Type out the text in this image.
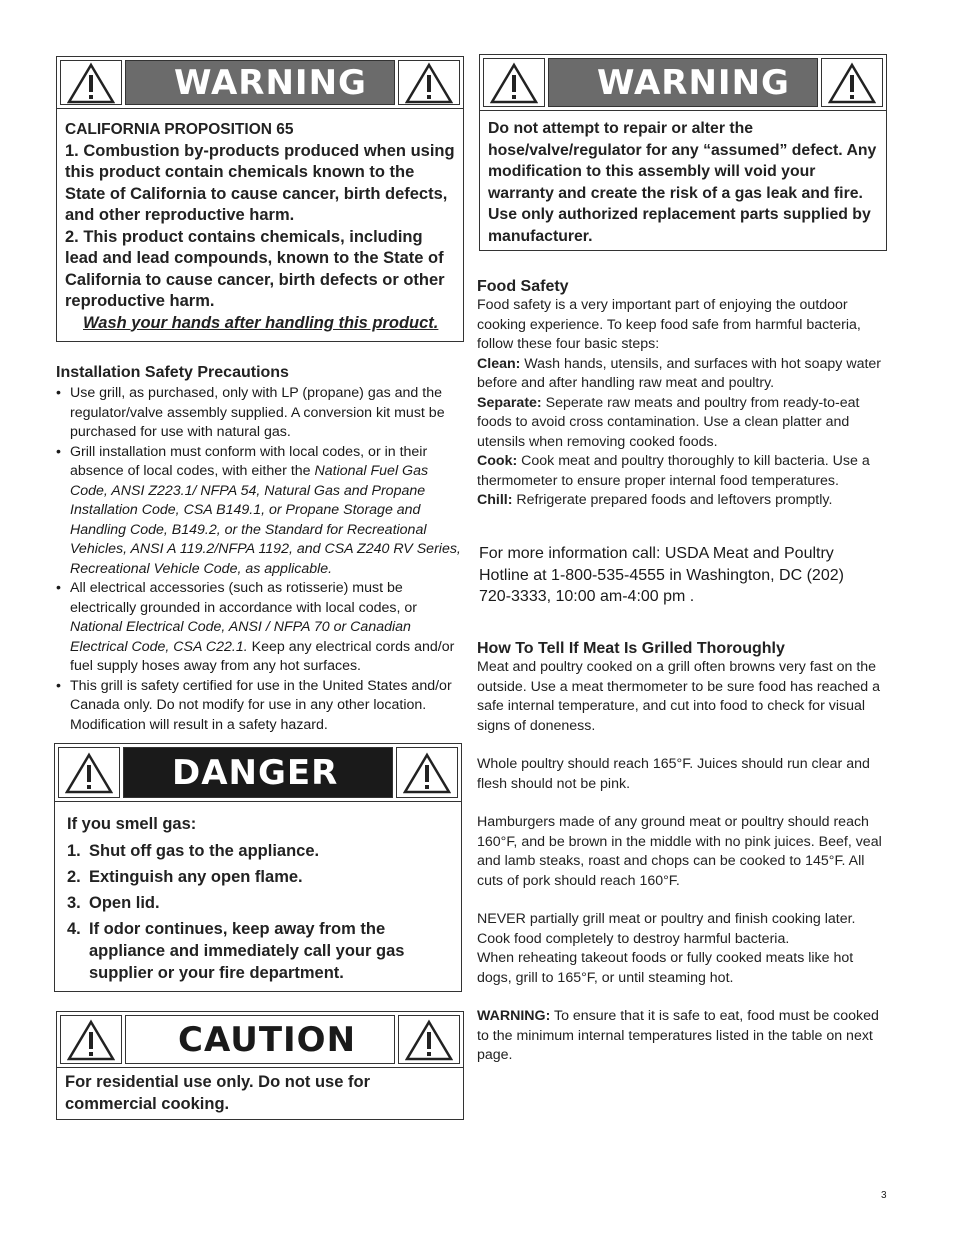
WARNING

CALIFORNIA PROPOSITION 65

1. Combustion by-products produced when using this product contain chemicals known to the State of California to cause cancer, birth defects, and other reproductive harm.

2. This product contains chemicals, including lead and lead compounds, known to the State of California to cause cancer, birth defects or other reproductive harm.

Wash your hands after handling this product.

Installation Safety Precautions
• Use grill, as purchased, only with LP (propane) gas and the regulator/valve assembly supplied. A conversion kit must be purchased for use with natural gas.
• Grill installation must conform with local codes, or in their absence of local codes, with either the National Fuel Gas Code, ANSI Z223.1/ NFPA 54, Natural Gas and Propane Installation Code, CSA B149.1, or Propane Storage and Handling Code, B149.2, or the Standard for Recreational Vehicles, ANSI A 119.2/NFPA 1192, and CSA Z240 RV Series, Recreational Vehicle Code, as applicable.
• All electrical accessories (such as rotisserie) must be electrically grounded in accordance with local codes, or National Electrical Code, ANSI / NFPA 70 or Canadian Electrical Code, CSA C22.1. Keep any electrical cords and/or fuel supply hoses away from any hot surfaces.
• This grill is safety certified for use in the United States and/or Canada only. Do not modify for use in any other location. Modification will result in a safety hazard.
DANGER

If you smell gas:

1. Shut off gas to the appliance.
2. Extinguish any open flame.
3. Open lid.
4. If odor continues, keep away from the appliance and immediately call your gas supplier or your fire department.
CAUTION

For residential use only. Do not use for commercial cooking.

WARNING

Do not attempt to repair or alter the hose/valve/regulator for any “assumed” defect. Any modification to this assembly will void your warranty and create the risk of a gas leak and fire. Use only authorized replacement parts supplied by manufacturer.

Food Safety

Food safety is a very important part of enjoying the outdoor cooking experience. To keep food safe from harmful bacteria, follow these four basic steps:

Clean: Wash hands, utensils, and surfaces with hot soapy water before and after handling raw meat and poultry.

Separate: Seperate raw meats and poultry from ready-to-eat foods to avoid cross contamination. Use a clean platter and utensils when removing cooked foods.

Cook: Cook meat and poultry thoroughly to kill bacteria. Use a thermometer to ensure proper internal food temperatures.

Chill: Refrigerate prepared foods and leftovers promptly.

For more information call: USDA Meat and Poultry Hotline at 1-800-535-4555 in Washington, DC (202) 720-3333, 10:00 am-4:00 pm .
How To Tell If Meat Is Grilled Thoroughly

Meat and poultry cooked on a grill often browns very fast on the outside. Use a meat thermometer to be sure food has reached a safe internal temperature, and cut into food to check for visual signs of doneness.

Whole poultry should reach 165°F. Juices should run clear and flesh should not be pink.

Hamburgers made of any ground meat or poultry should reach 160°F, and be brown in the middle with no pink juices. Beef, veal and lamb steaks, roast and chops can be cooked to 145°F. All cuts of pork should reach 160°F.

NEVER partially grill meat or poultry and finish cooking later. Cook food completely to destroy harmful bacteria.

When reheating takeout foods or fully cooked meats like hot dogs, grill to 165°F, or until steaming hot.

WARNING: To ensure that it is safe to eat, food must be cooked to the minimum internal temperatures listed in the table on next page.

3
